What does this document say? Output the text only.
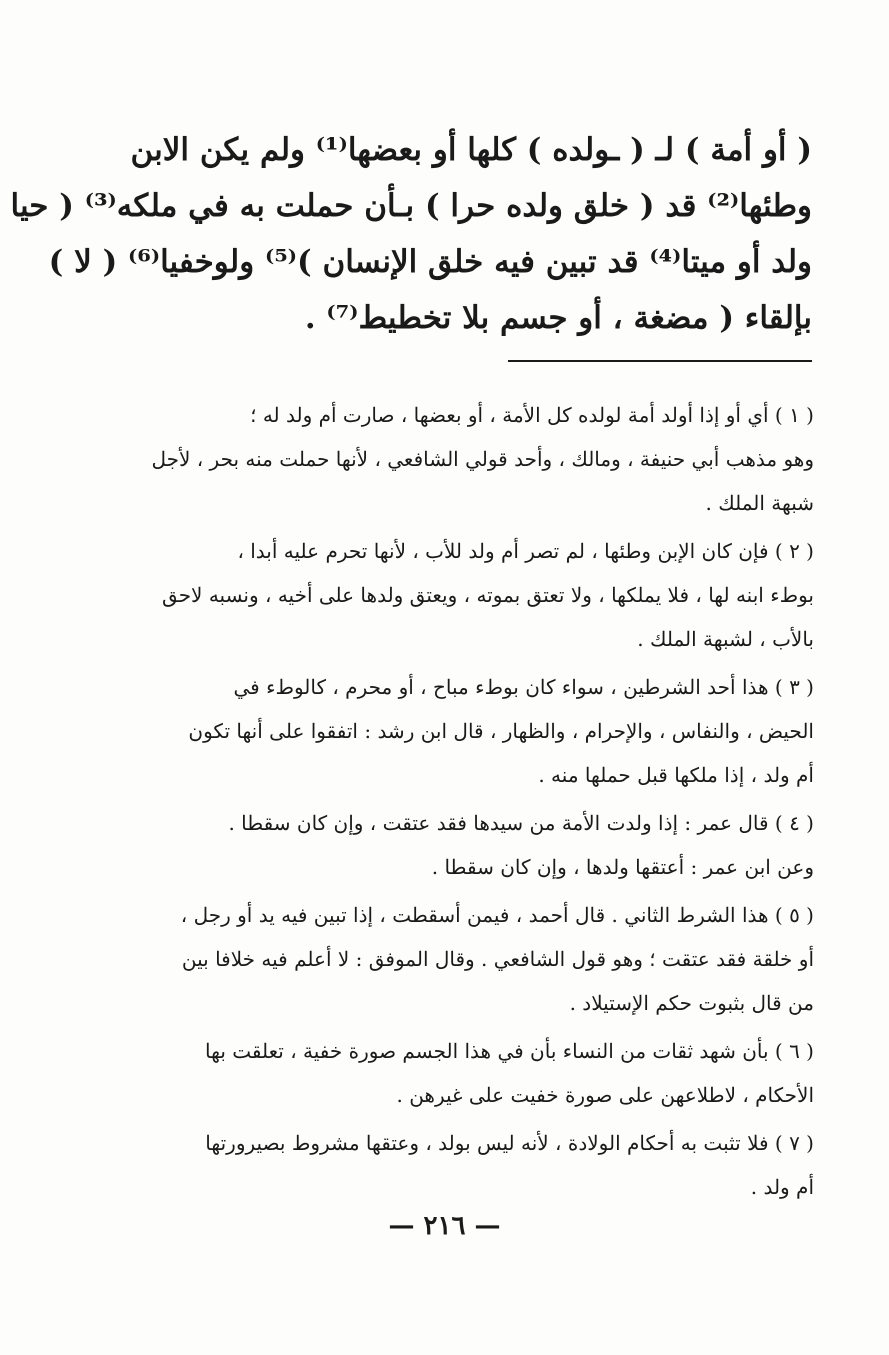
( أو أمة ) لـ ( ـولده ) كلها أو بعضها⁽¹⁾ ولم يكن الابن
وطئها⁽²⁾ قد ( خلق ولده حرا ) بـأن حملت به في ملكه⁽³⁾ ( حيا
ولد أو ميتا⁽⁴⁾ قد تبين فيه خلق الإنسان )⁽⁵⁾ ولوخفيا⁽⁶⁾ ( لا )
بإلقاء ( مضغة ، أو جسم بلا تخطيط⁽⁷⁾ .
( ١ ) أي أو إذا أولد أمة لولده كل الأمة ، أو بعضها ، صارت أم ولد له ؛
وهو مذهب أبي حنيفة ، ومالك ، وأحد قولي الشافعي ، لأنها حملت منه بحر ، لأجل
شبهة الملك .
( ٢ ) فإن كان الإبن وطئها ، لم تصر أم ولد للأب ، لأنها تحرم عليه أبدا ،
بوطء ابنه لها ، فلا يملكها ، ولا تعتق بموته ، ويعتق ولدها على أخيه ، ونسبه لاحق
بالأب ، لشبهة الملك .
( ٣ ) هذا أحد الشرطين ، سواء كان بوطء مباح ، أو محرم ، كالوطء في
الحيض ، والنفاس ، والإحرام ، والظهار ، قال ابن رشد : اتفقوا على أنها تكون
أم ولد ، إذا ملكها قبل حملها منه .
( ٤ ) قال عمر : إذا ولدت الأمة من سيدها فقد عتقت ، وإن كان سقطا .
وعن ابن عمر : أعتقها ولدها ، وإن كان سقطا .
( ٥ ) هذا الشرط الثاني . قال أحمد ، فيمن أسقطت ، إذا تبين فيه يد أو رجل ،
أو خلقة فقد عتقت ؛ وهو قول الشافعي . وقال الموفق : لا أعلم فيه خلافا بين
من قال بثبوت حكم الإستيلاد .
( ٦ ) بأن شهد ثقات من النساء بأن في هذا الجسم صورة خفية ، تعلقت بها
الأحكام ، لاطلاعهن على صورة خفيت على غيرهن .
( ٧ ) فلا تثبت به أحكام الولادة ، لأنه ليس بولد ، وعتقها مشروط بصيرورتها
أم ولد .
— ٢١٦ —
